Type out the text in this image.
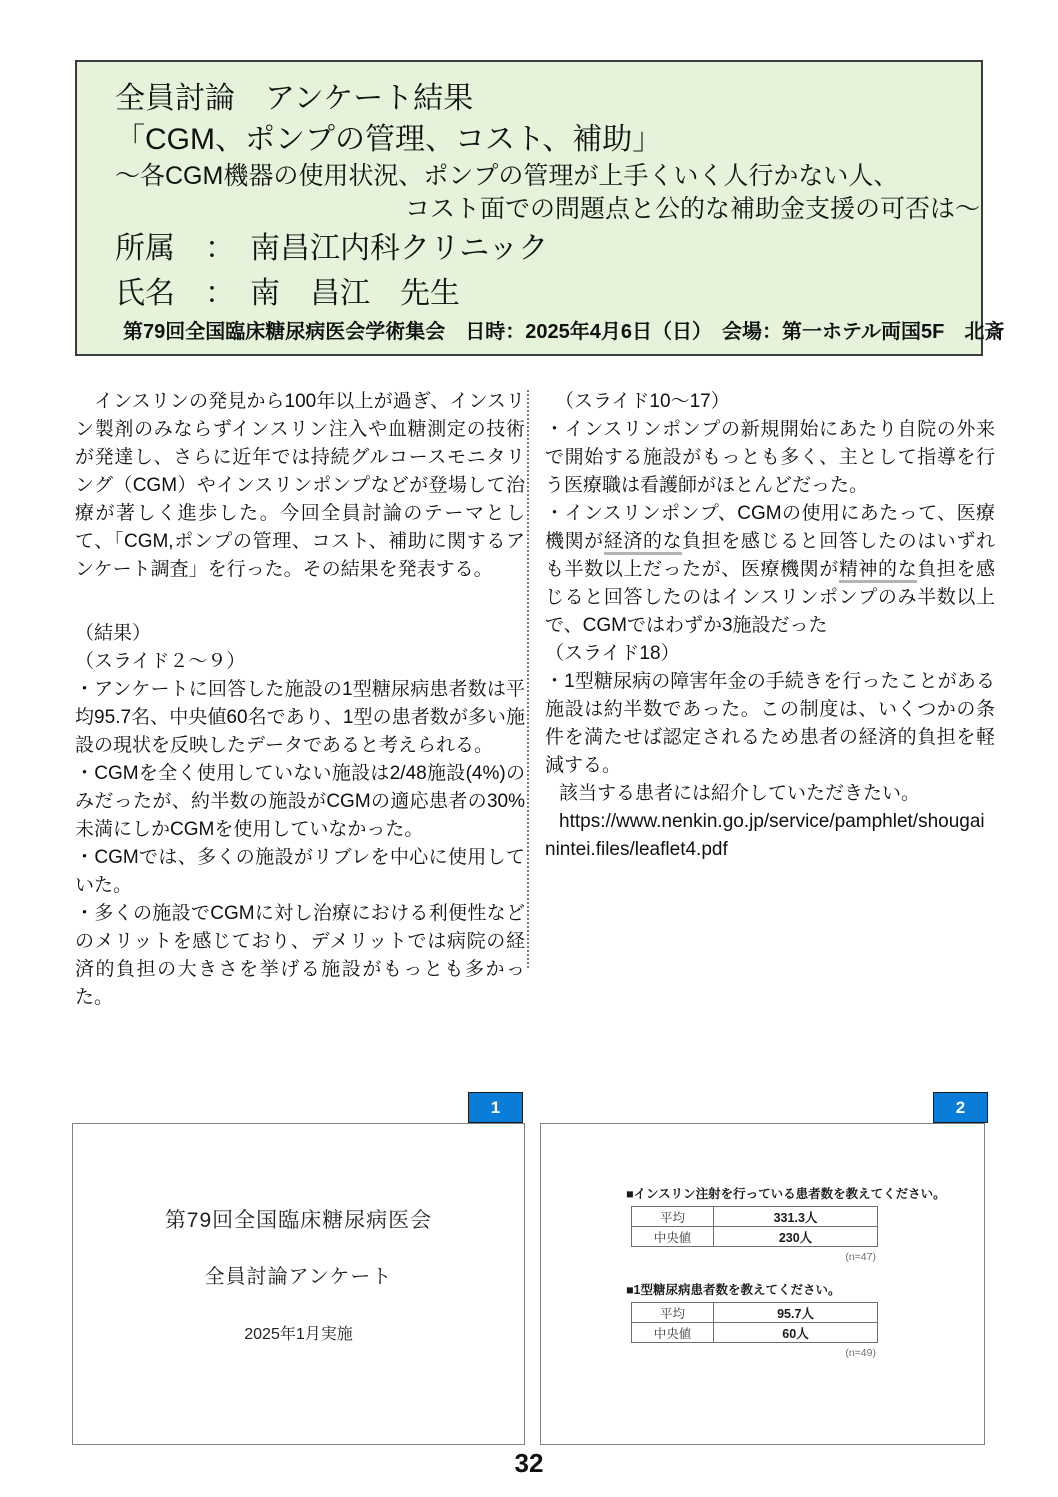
全員討論　アンケート結果
「CGM、ポンプの管理、コスト、補助」
～各CGM機器の使用状況、ポンプの管理が上手くいく人行かない人、
コスト面での問題点と公的な補助金支援の可否は～
所属　：　南昌江内科クリニック
氏名　：　南　昌江　先生
第79回全国臨床糖尿病医会学術集会　日時：2025年4月6日（日）　会場：第一ホテル両国5F　北斎

　インスリンの発見から100年以上が過ぎ、インスリン製剤のみならずインスリン注入や血糖測定の技術が発達し、さらに近年では持続グルコースモニタリング（CGM）やインスリンポンプなどが登場して治療が著しく進歩した。今回全員討論のテーマとして、「CGM,ポンプの管理、コスト、補助に関するアンケート調査」を行った。その結果を発表する。

（結果）

（スライド２～９）

・アンケートに回答した施設の1型糖尿病患者数は平均95.7名、中央値60名であり、1型の患者数が多い施設の現状を反映したデータであると考えられる。

・CGMを全く使用していない施設は2/48施設(4%)のみだったが、約半数の施設がCGMの適応患者の30%未満にしかCGMを使用していなかった。

・CGMでは、多くの施設がリブレを中心に使用していた。

・多くの施設でCGMに対し治療における利便性などのメリットを感じており、デメリットでは病院の経済的負担の大きさを挙げる施設がもっとも多かった。

（スライド10～17）

・インスリンポンプの新規開始にあたり自院の外来で開始する施設がもっとも多く、主として指導を行う医療職は看護師がほとんどだった。

・インスリンポンプ、CGMの使用にあたって、医療機関が経済的な負担を感じると回答したのはいずれも半数以上だったが、医療機関が精神的な負担を感じると回答したのはインスリンポンプのみ半数以上で、CGMではわずか3施設だった

（スライド18）

・1型糖尿病の障害年金の手続きを行ったことがある施設は約半数であった。この制度は、いくつかの条件を満たせば認定されるため患者の経済的負担を軽減する。

該当する患者には紹介していただきたい。

https://www.nenkin.go.jp/service/pamphlet/shougainintei.files/leaflet4.pdf

1
第79回全国臨床糖尿病医会
全員討論アンケート
2025年1月実施
2
■インスリン注射を行っている患者数を教えてください。
平均	331.3人
中央値	230人
(n=47)
■1型糖尿病患者数を教えてください。
平均	95.7人
中央値	60人
(n=49)
32
